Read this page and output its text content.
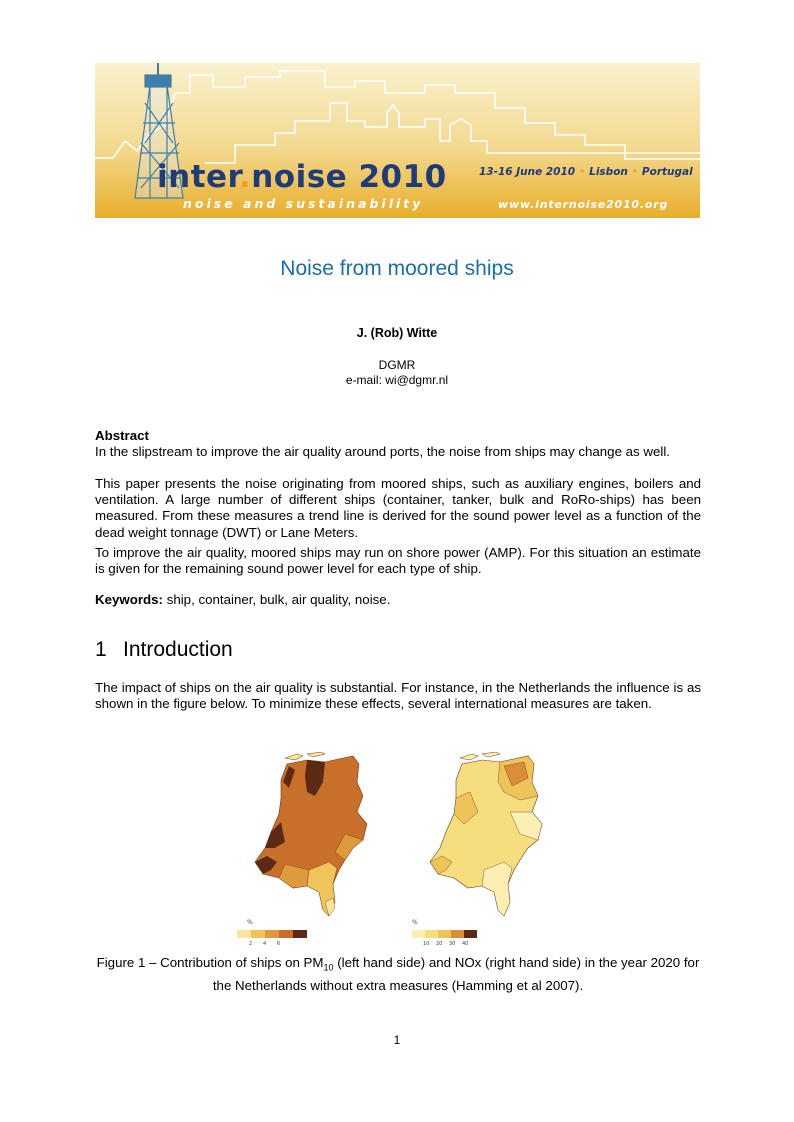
inter.noise 2010	13-16 June 2010 • Lisbon • Portugal
noise and sustainability	www.internoise2010.org
Noise from moored ships
J. (Rob) Witte
DGMR
e-mail: wi@dgmr.nl
Abstract
In the slipstream to improve the air quality around ports, the noise from ships may change as well.
This paper presents the noise originating from moored ships, such as auxiliary engines, boilers and ventilation. A large number of different ships (container, tanker, bulk and RoRo-ships) has been measured. From these measures a trend line is derived for the sound power level as a function of the dead weight tonnage (DWT) or Lane Meters.
To improve the air quality, moored ships may run on shore power (AMP). For this situation an estimate is given for the remaining sound power level for each type of ship.
Keywords: ship, container, bulk, air quality, noise.
1 Introduction
The impact of ships on the air quality is substantial. For instance, in the Netherlands the influence is as shown in the figure below. To minimize these effects, several international measures are taken.
%
2 4 6
%
10 20 30 40
Figure 1 – Contribution of ships on $PM_{10}$ (left hand side) and NOx (right hand side) in the year 2020 for the Netherlands without extra measures (Hamming et al 2007).
1
